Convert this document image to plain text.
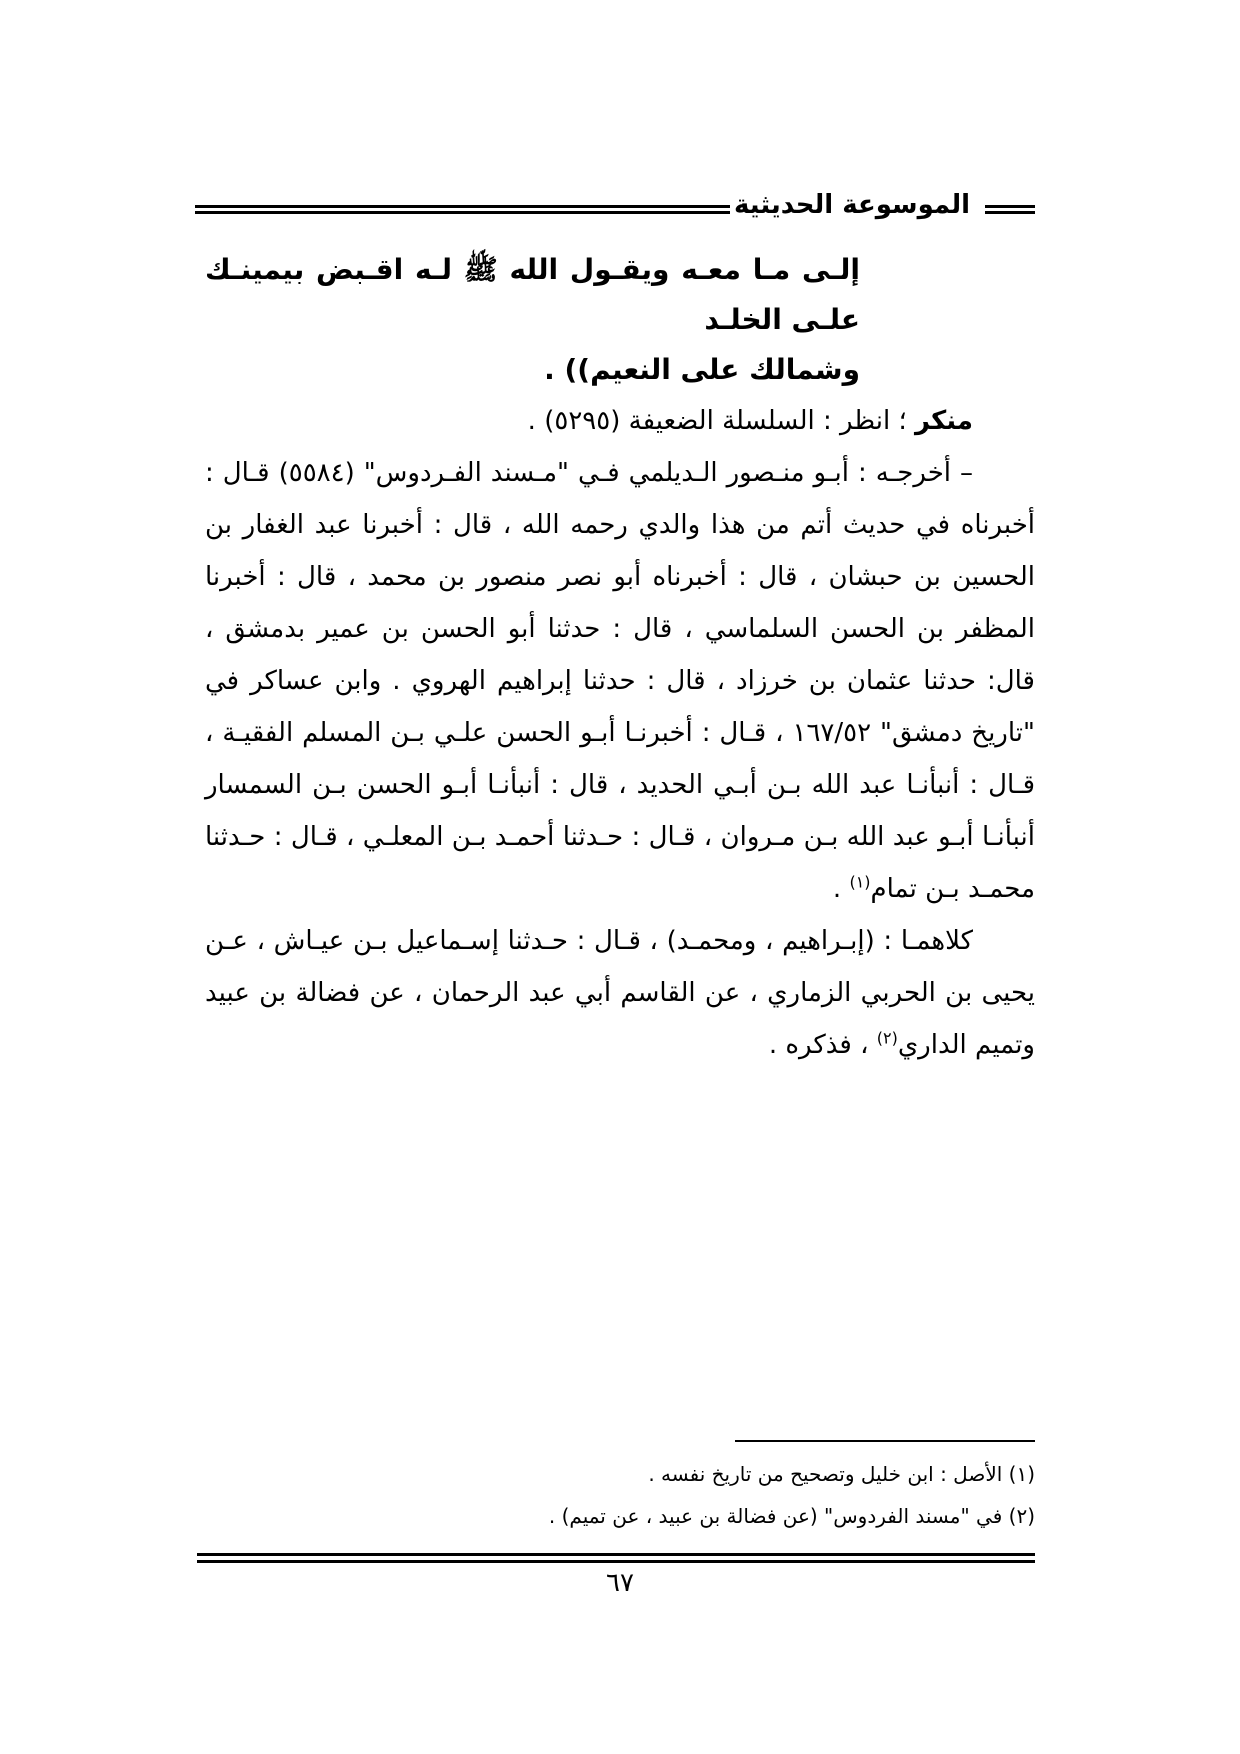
الموسوعة الحديثية

إلـى مـا معـه ويقـول الله ﷺ لـه اقـبض بيمينـك علـى الخلـد

وشمالك على النعيم)) .

منكر ؛ انظر : السلسلة الضعيفة (٥٢٩٥) .

– أخرجـه : أبـو منـصور الـديلمي فـي "مـسند الفـردوس" (٥٥٨٤) قـال : أخبرناه في حديث أتم من هذا والدي رحمه الله ، قال : أخبرنا عبد الغفار بن الحسين بن حبشان ، قال : أخبرناه أبو نصر منصور بن محمد ، قال : أخبرنا المظفر بن الحسن السلماسي ، قال : حدثنا أبو الحسن بن عمير بدمشق ، قال: حدثنا عثمان بن خرزاد ، قال : حدثنا إبراهيم الهروي . وابن عساكر في "تاريخ دمشق" ١٦٧/٥٢ ، قـال : أخبرنـا أبـو الحسن علـي بـن المسلم الفقيـة ، قـال : أنبأنـا عبد الله بـن أبـي الحديد ، قال : أنبأنـا أبـو الحسن بـن السمسار أنبأنـا أبـو عبد الله بـن مـروان ، قـال : حـدثنا أحمـد بـن المعلـي ، قـال : حـدثنا محمـد بـن تمام$^{(١)}$ .

كلاهمـا : (إبـراهيم ، ومحمـد) ، قـال : حـدثنا إسـماعيل بـن عيـاش ، عـن يحيى بن الحربي الزماري ، عن القاسم أبي عبد الرحمان ، عن فضالة بن عبيد وتميم الداري$^{(٢)}$ ، فذكره .

(١) الأصل : ابن خليل وتصحيح من تاريخ نفسه .
(٢) في "مسند الفردوس" (عن فضالة بن عبيد ، عن تميم) .
٦٧
